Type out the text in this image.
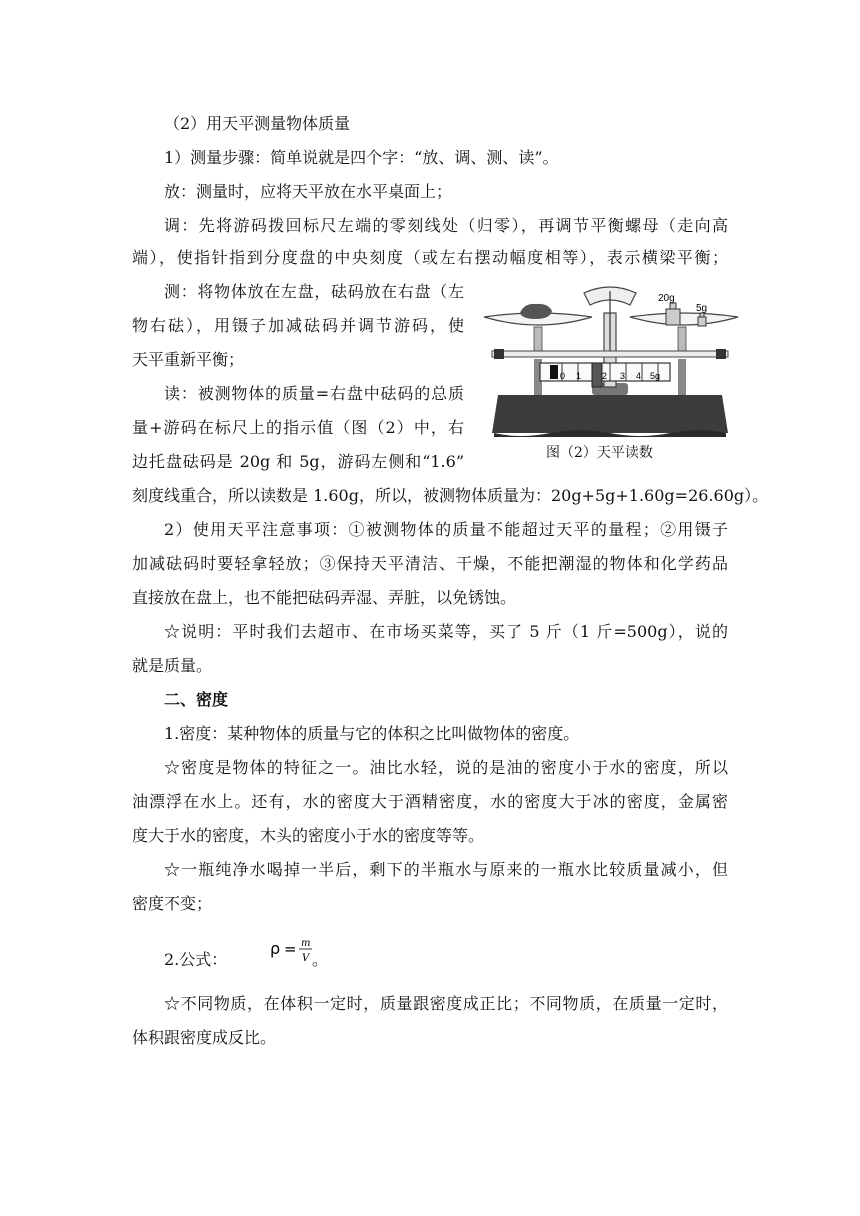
（2）用天平测量物体质量
1）测量步骤：简单说就是四个字：“放、调、测、读”。
放：测量时，应将天平放在水平桌面上；
调：先将游码拨回标尺左端的零刻线处（归零），再调节平衡螺母（走向高
端），使指针指到分度盘的中央刻度（或左右摆动幅度相等），表示横梁平衡；
测：将物体放在左盘，砝码放在右盘（左
物右砝），用镊子加减砝码并调节游码，使
天平重新平衡；
读：被测物体的质量=右盘中砝码的总质
量+游码在标尺上的指示值（图（2）中，右
边托盘砝码是 20g 和 5g，游码左侧和“1.6”
刻度线重合，所以读数是 1.60g，所以，被测物体质量为：20g+5g+1.60g=26.60g）。
20g
5g
0 1 2 3 4 5g
图（2）天平读数
2）使用天平注意事项：①被测物体的质量不能超过天平的量程；②用镊子
加减砝码时要轻拿轻放；③保持天平清洁、干燥，不能把潮湿的物体和化学药品
直接放在盘上，也不能把砝码弄湿、弄脏，以免锈蚀。
☆说明：平时我们去超市、在市场买菜等，买了 5 斤（1 斤=500g），说的
就是质量。
二、密度
1.密度：某种物体的质量与它的体积之比叫做物体的密度。
☆密度是物体的特征之一。油比水轻，说的是油的密度小于水的密度，所以
油漂浮在水上。还有，水的密度大于酒精密度，水的密度大于冰的密度，金属密
度大于水的密度，木头的密度小于水的密度等等。
☆一瓶纯净水喝掉一半后，剩下的半瓶水与原来的一瓶水比较质量减小，但
密度不变；
2.公式：
ρ = m
V 。
☆不同物质，在体积一定时，质量跟密度成正比；不同物质，在质量一定时，
体积跟密度成反比。
